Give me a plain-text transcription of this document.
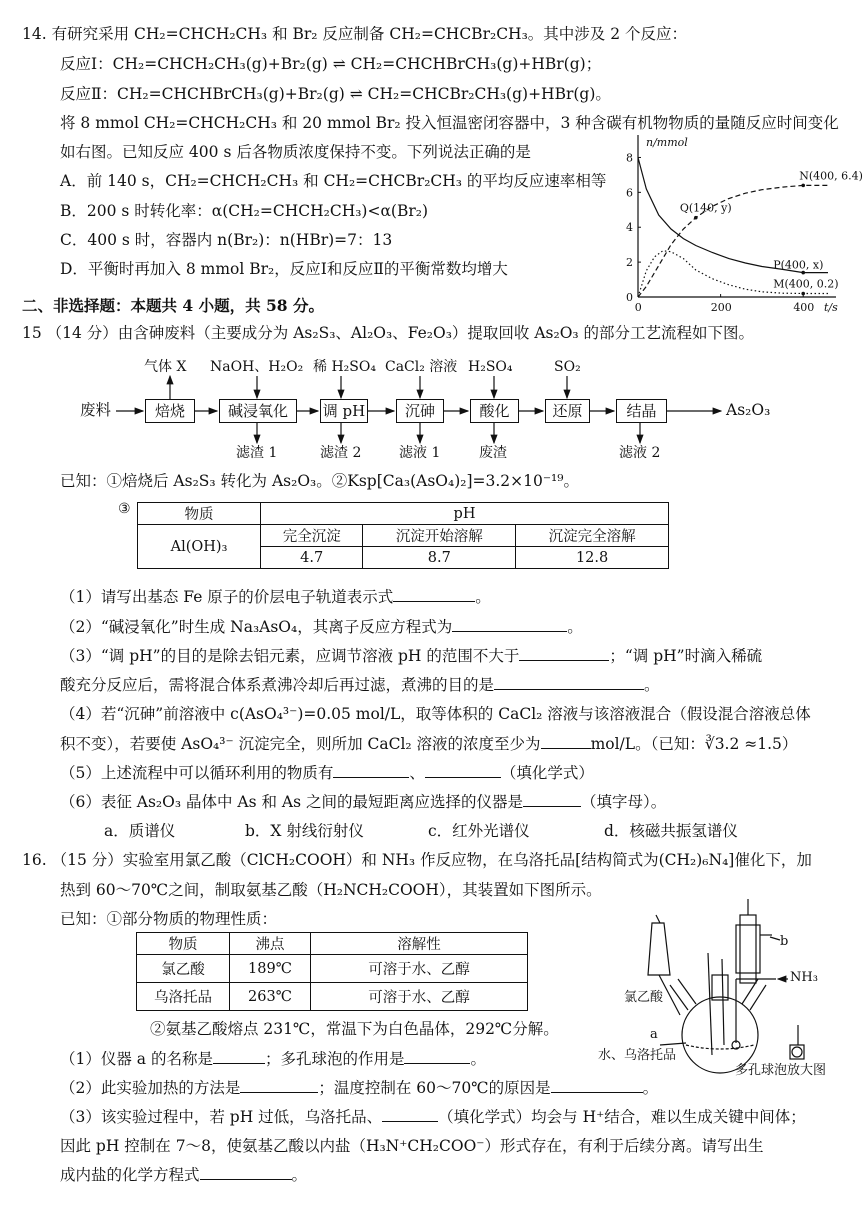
14. 有研究采用 CH₂=CHCH₂CH₃ 和 Br₂ 反应制备 CH₂=CHCBr₂CH₃。其中涉及 2 个反应：
反应Ⅰ：CH₂=CHCH₂CH₃(g)+Br₂(g) ⇌ CH₂=CHCHBrCH₃(g)+HBr(g)；
反应Ⅱ：CH₂=CHCHBrCH₃(g)+Br₂(g) ⇌ CH₂=CHCBr₂CH₃(g)+HBr(g)。
将 8 mmol CH₂=CHCH₂CH₃ 和 20 mmol Br₂ 投入恒温密闭容器中，3 种含碳有机物物质的量随反应时间变化
如右图。已知反应 400 s 后各物质浓度保持不变。下列说法正确的是
A．前 140 s，CH₂=CHCH₂CH₃ 和 CH₂=CHCBr₂CH₃ 的平均反应速率相等
B．200 s 时转化率：α(CH₂=CHCH₂CH₃)<α(Br₂)
C．400 s 时，容器内 n(Br₂)：n(HBr)=7：13
D．平衡时再加入 8 mmol Br₂，反应Ⅰ和反应Ⅱ的平衡常数均增大
0
2
4
6
8
0	200	400
n/mmol
t/s
N(400, 6.4)
Q(140, y)
P(400, x)
M(400, 0.2)
二、非选择题：本题共 4 小题，共 58 分。
15 （14 分）由含砷废料（主要成分为 As₂S₃、Al₂O₃、Fe₂O₃）提取回收 As₂O₃ 的部分工艺流程如下图。
废料	As₂O₃
焙烧	碱浸氧化	调 pH	沉砷	酸化	还原	结晶
气体 X NaOH、H₂O₂ 稀 H₂SO₄ CaCl₂ 溶液 H₂SO₄	SO₂
滤渣 1	滤渣 2	滤液 1	废渣	滤液 2
已知：①焙烧后 As₂S₃ 转化为 As₂O₃。②Ksp[Ca₃(AsO₄)₂]=3.2×10⁻¹⁹。
③	物质	pH		
Al(OH)₃	完全沉淀	沉淀开始溶解	沉淀完全溶解
	4.7	8.7	12.8
（1）请写出基态 Fe 原子的价层电子轨道表示式	。
（2）“碱浸氧化”时生成 Na₃AsO₄，其离子反应方程式为	。
（3）“调 pH”的目的是除去铝元素，应调节溶液 pH 的范围不大于	；“调 pH”时滴入稀硫
酸充分反应后，需将混合体系煮沸冷却后再过滤，煮沸的目的是	。
（4）若“沉砷”前溶液中 c(AsO₄³⁻)=0.05 mol/L，取等体积的 CaCl₂ 溶液与该溶液混合（假设混合溶液总体
积不变），若要使 AsO₄³⁻ 沉淀完全，则所加 CaCl₂ 溶液的浓度至少为	mol/L。（已知：∛3.2 ≈1.5）
（5）上述流程中可以循环利用的物质有	、	（填化学式）
（6）表征 As₂O₃ 晶体中 As 和 As 之间的最短距离应选择的仪器是	（填字母）。
a．质谱仪	b．X 射线衍射仪	c．红外光谱仪	d．核磁共振氢谱仪
16. （15 分）实验室用氯乙酸（ClCH₂COOH）和 NH₃ 作反应物，在乌洛托品[结构简式为(CH₂)₆N₄]催化下，加
热到 60～70℃之间，制取氨基乙酸（H₂NCH₂COOH），其装置如下图所示。
已知：①部分物质的物理性质：
物质	沸点	溶解性
氯乙酸	189℃	可溶于水、乙醇
乌洛托品	263℃	可溶于水、乙醇
②氨基乙酸熔点 231℃，常温下为白色晶体，292℃分解。
（1）仪器 a 的名称是	；多孔球泡的作用是	。
（2）此实验加热的方法是	；温度控制在 60～70℃的原因是	。
（3）该实验过程中，若 pH 过低，乌洛托品、	（填化学式）均会与 H⁺结合，难以生成关键中间体；
因此 pH 控制在 7～8，使氨基乙酸以内盐（H₃N⁺CH₂COO⁻）形式存在，有利于后续分离。请写出生
成内盐的化学方程式	。
b
NH₃
氯乙酸
a
水、乌洛托品
多孔球泡放大图
